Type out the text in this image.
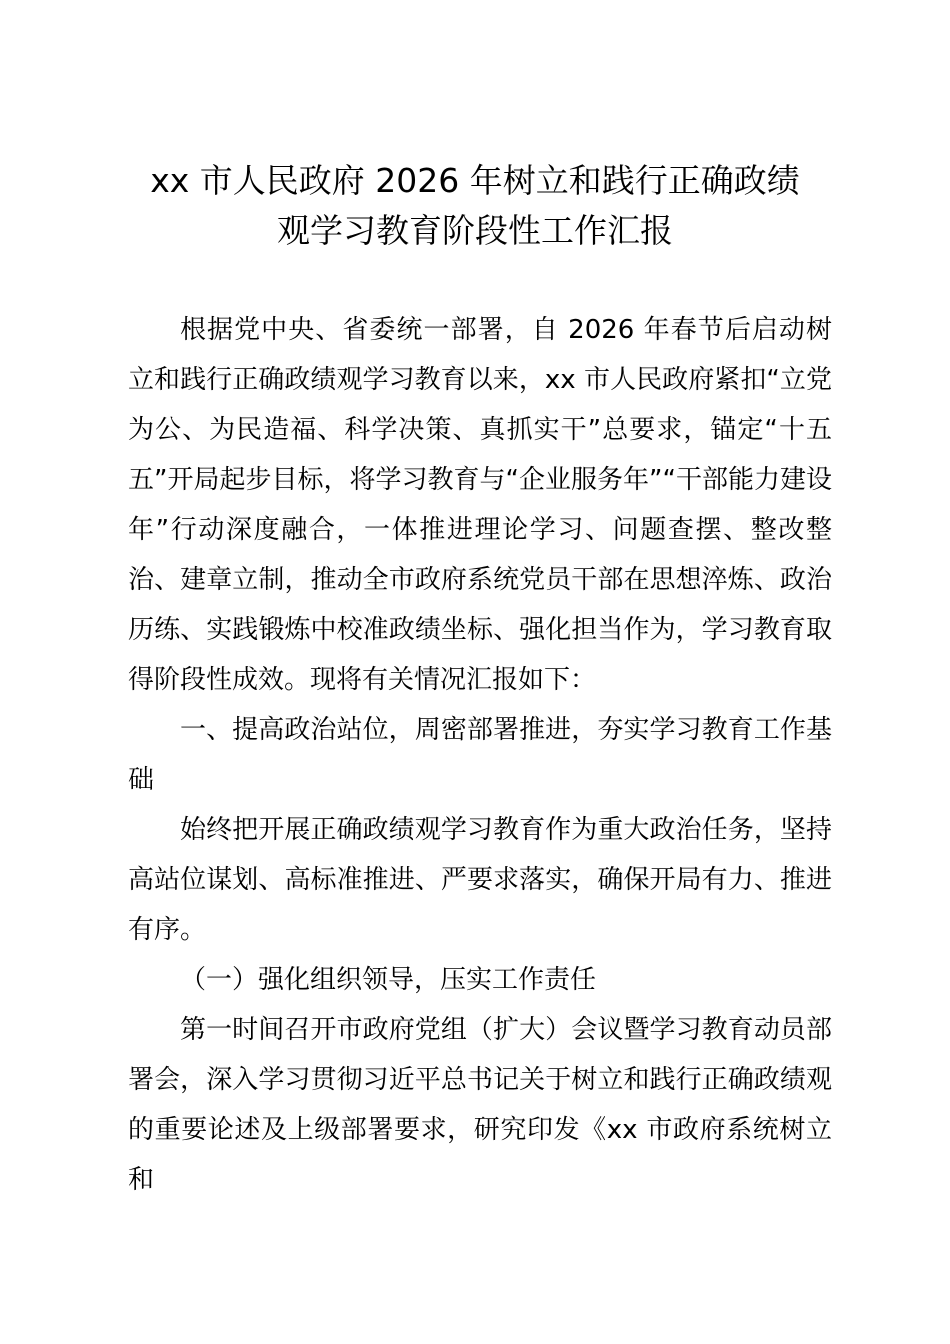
xx 市人民政府 2026 年树立和践行正确政绩
观学习教育阶段性工作汇报

根据党中央、省委统一部署，自 2026 年春节后启动树立和践行正确政绩观学习教育以来，xx 市人民政府紧扣“立党为公、为民造福、科学决策、真抓实干”总要求，锚定“十五五”开局起步目标，将学习教育与“企业服务年”“干部能力建设年”行动深度融合，一体推进理论学习、问题查摆、整改整治、建章立制，推动全市政府系统党员干部在思想淬炼、政治历练、实践锻炼中校准政绩坐标、强化担当作为，学习教育取得阶段性成效。现将有关情况汇报如下：

一、提高政治站位，周密部署推进，夯实学习教育工作基础

始终把开展正确政绩观学习教育作为重大政治任务，坚持高站位谋划、高标准推进、严要求落实，确保开局有力、推进有序。

（一）强化组织领导，压实工作责任

第一时间召开市政府党组（扩大）会议暨学习教育动员部署会，深入学习贯彻习近平总书记关于树立和践行正确政绩观的重要论述及上级部署要求，研究印发《xx 市政府系统树立和
